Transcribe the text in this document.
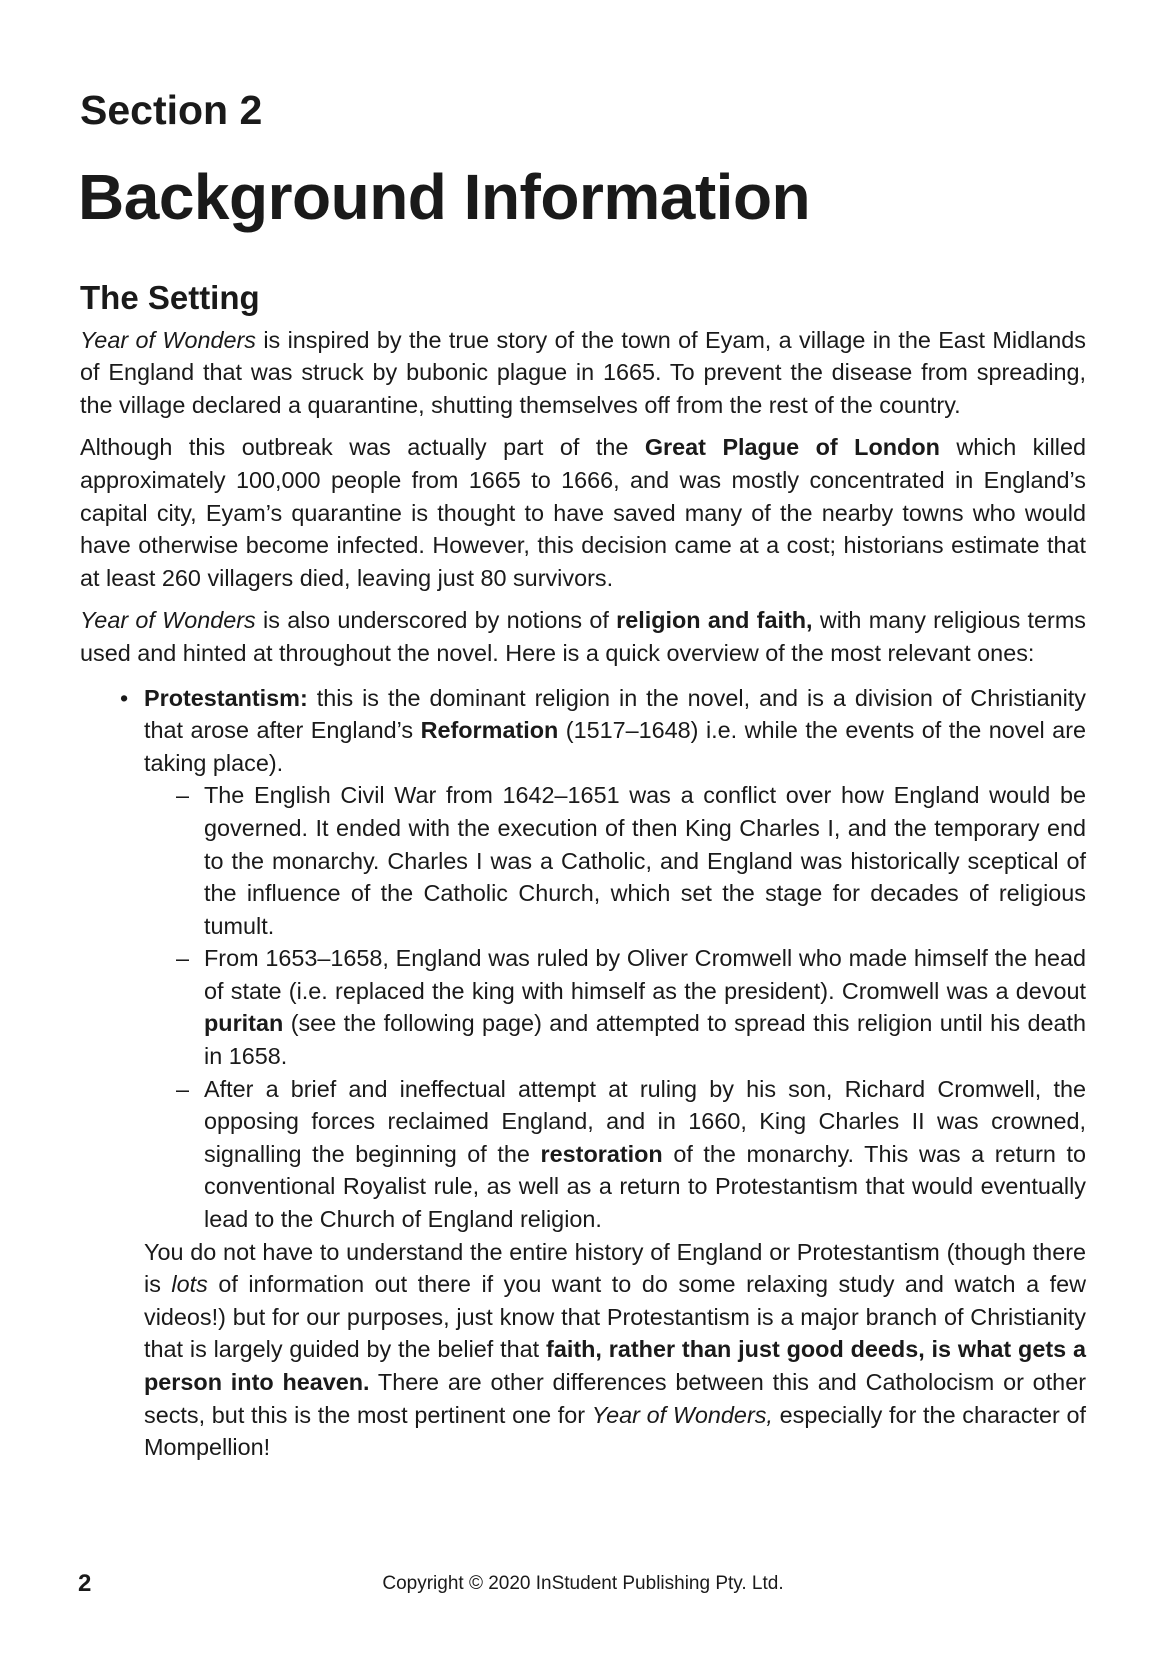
Section 2
Background Information
The Setting

Year of Wonders is inspired by the true story of the town of Eyam, a village in the East Midlands of England that was struck by bubonic plague in 1665. To prevent the disease from spreading, the village declared a quarantine, shutting themselves off from the rest of the country.

Although this outbreak was actually part of the Great Plague of London which killed approximately 100,000 people from 1665 to 1666, and was mostly concentrated in England’s capital city, Eyam’s quarantine is thought to have saved many of the nearby towns who would have otherwise become infected. However, this decision came at a cost; historians estimate that at least 260 villagers died, leaving just 80 survivors.

Year of Wonders is also underscored by notions of religion and faith, with many religious terms used and hinted at throughout the novel. Here is a quick overview of the most relevant ones:

• Protestantism: this is the dominant religion in the novel, and is a division of Christianity that arose after England’s Reformation (1517–1648) i.e. while the events of the novel are taking place).
– The English Civil War from 1642–1651 was a conflict over how England would be governed. It ended with the execution of then King Charles I, and the temporary end to the monarchy. Charles I was a Catholic, and England was historically sceptical of the influence of the Catholic Church, which set the stage for decades of religious tumult.
– From 1653–1658, England was ruled by Oliver Cromwell who made himself the head of state (i.e. replaced the king with himself as the president). Cromwell was a devout puritan (see the following page) and attempted to spread this religion until his death in 1658.
– After a brief and ineffectual attempt at ruling by his son, Richard Cromwell, the opposing forces reclaimed England, and in 1660, King Charles II was crowned, signalling the beginning of the restoration of the monarchy. This was a return to conventional Royalist rule, as well as a return to Protestantism that would eventually lead to the Church of England religion.

You do not have to understand the entire history of England or Protestantism (though there is lots of information out there if you want to do some relaxing study and watch a few videos!) but for our purposes, just know that Protestantism is a major branch of Christianity that is largely guided by the belief that faith, rather than just good deeds, is what gets a person into heaven. There are other differences between this and Catholocism or other sects, but this is the most pertinent one for Year of Wonders, especially for the character of Mompellion!

2	Copyright © 2020 InStudent Publishing Pty. Ltd.
